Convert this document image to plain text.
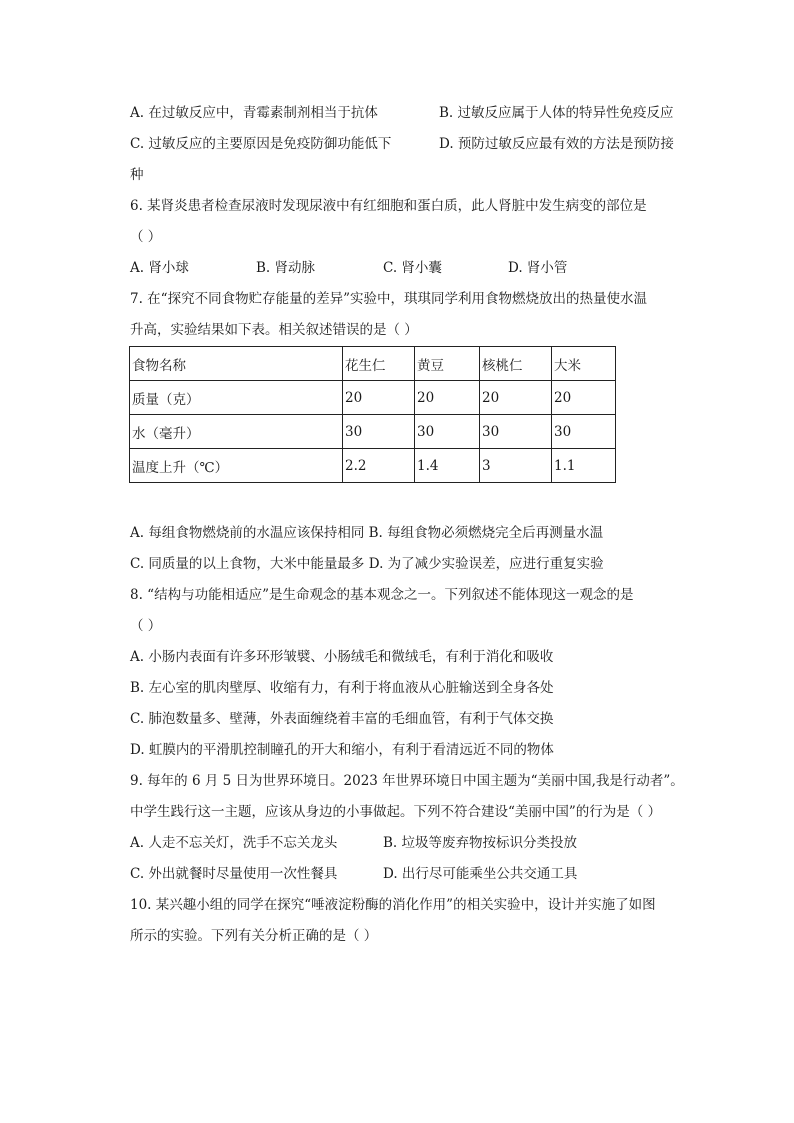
A. 在过敏反应中，青霉素制剂相当于抗体	B. 过敏反应属于人体的特异性免疫反应
C. 过敏反应的主要原因是免疫防御功能低下	D. 预防过敏反应最有效的方法是预防接
种
6. 某肾炎患者检查尿液时发现尿液中有红细胞和蛋白质，此人肾脏中发生病变的部位是
（ ）
A. 肾小球	B. 肾动脉	C. 肾小囊	D. 肾小管
7. 在“探究不同食物贮存能量的差异”实验中，琪琪同学利用食物燃烧放出的热量使水温
升高，实验结果如下表。相关叙述错误的是（ ）
食物名称	花生仁	黄豆	核桃仁	大米
质量（克）	20	20	20	20
水（毫升）	30	30	30	30
温度上升（℃）	2.2	1.4	3	1.1
A. 每组食物燃烧前的水温应该保持相同 B. 每组食物必须燃烧完全后再测量水温
C. 同质量的以上食物，大米中能量最多 D. 为了减少实验误差，应进行重复实验
8. “结构与功能相适应”是生命观念的基本观念之一。下列叙述不能体现这一观念的是
（ ）
A. 小肠内表面有许多环形皱襞、小肠绒毛和微绒毛，有利于消化和吸收
B. 左心室的肌肉壁厚、收缩有力，有利于将血液从心脏输送到全身各处
C. 肺泡数量多、壁薄，外表面缠绕着丰富的毛细血管，有利于气体交换
D. 虹膜内的平滑肌控制瞳孔的开大和缩小，有利于看清远近不同的物体
9. 每年的 6 月 5 日为世界环境日。2023 年世界环境日中国主题为“美丽中国,我是行动者”。
中学生践行这一主题，应该从身边的小事做起。下列不符合建设“美丽中国”的行为是（ ）
A. 人走不忘关灯，洗手不忘关龙头	B. 垃圾等废弃物按标识分类投放
C. 外出就餐时尽量使用一次性餐具	D. 出行尽可能乘坐公共交通工具
10. 某兴趣小组的同学在探究“唾液淀粉酶的消化作用”的相关实验中，设计并实施了如图
所示的实验。下列有关分析正确的是（ ）
